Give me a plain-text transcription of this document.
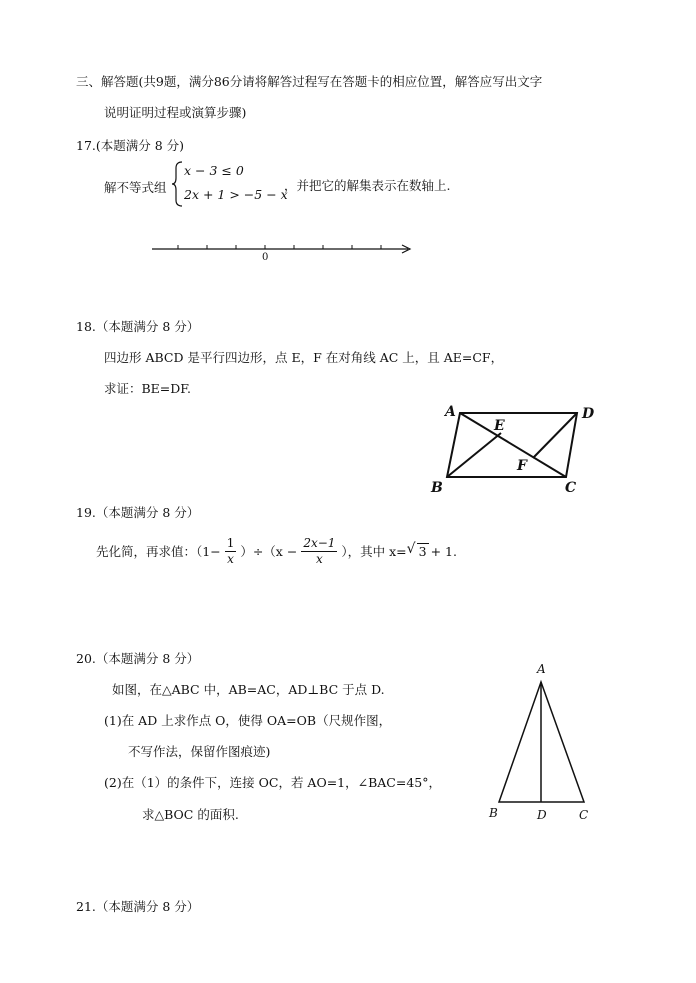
三、解答题(共9题，满分86分请将解答过程写在答题卡的相应位置，解答应写出文字
说明证明过程或演算步骤)
17.(本题满分 8 分)
解不等式组
x − 3 ≤ 0
2x + 1 > −5 − x
，并把它的解集表示在数轴上.
0
18.（本题满分 8 分）
四边形 ABCD 是平行四边形，点 E，F 在对角线 AC 上，且 AE=CF，
求证：BE=DF.
A	D
E
F
B	C
19.（本题满分 8 分）
先化简，再求值：$(1- \frac{1}{x} )\div(x - \frac{2x-1}{x}$ ），其中 x= √ 3 + 1.
20.（本题满分 8 分）
如图，在△ABC 中，AB=AC，AD⊥BC 于点 D.
(1)在 AD 上求作点 O，使得 OA=OB（尺规作图，
不写作法，保留作图痕迹)
(2)在（1）的条件下，连接 OC，若 AO=1，∠BAC=45°，
求△BOC 的面积.
A
B	D	C
21.（本题满分 8 分）
